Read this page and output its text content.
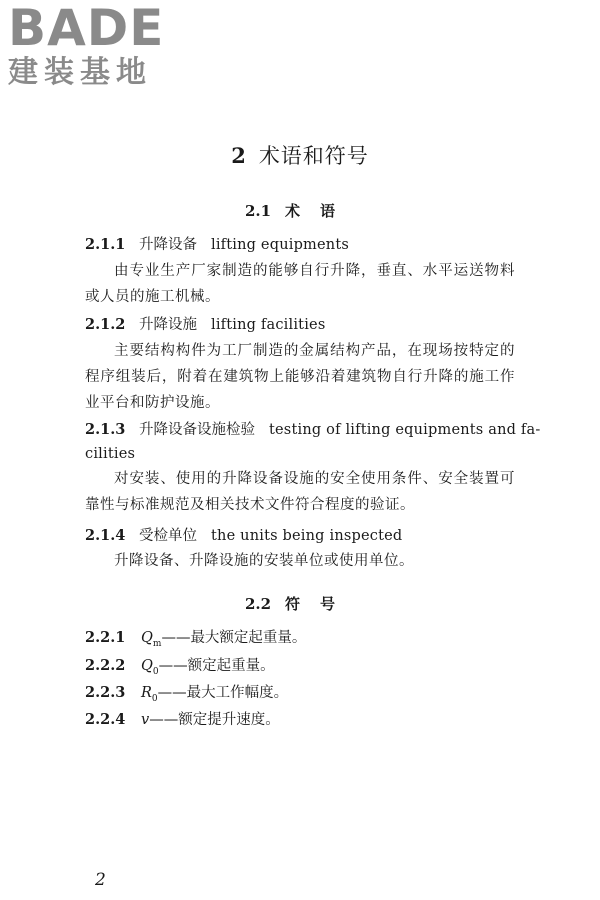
BADE
建装基地
2 术语和符号
2.1 术语
2.1.1 升降设备 lifting equipments
由专业生产厂家制造的能够自行升降，垂直、水平运送物料或人员的施工机械。
2.1.2 升降设施 lifting facilities
主要结构构件为工厂制造的金属结构产品，在现场按特定的程序组装后，附着在建筑物上能够沿着建筑物自行升降的施工作业平台和防护设施。
2.1.3 升降设备设施检验 testing of lifting equipments and fa-
cilities
对安装、使用的升降设备设施的安全使用条件、安全装置可靠性与标准规范及相关技术文件符合程度的验证。
2.1.4 受检单位 the units being inspected
升降设备、升降设施的安装单位或使用单位。
2.2 符号
2.2.1 $Q_m——$最大额定起重量。
2.2.2 $Q_0——$额定起重量。
2.2.3 $R_0——$最大工作幅度。
2.2.4 v——额定提升速度。
2
